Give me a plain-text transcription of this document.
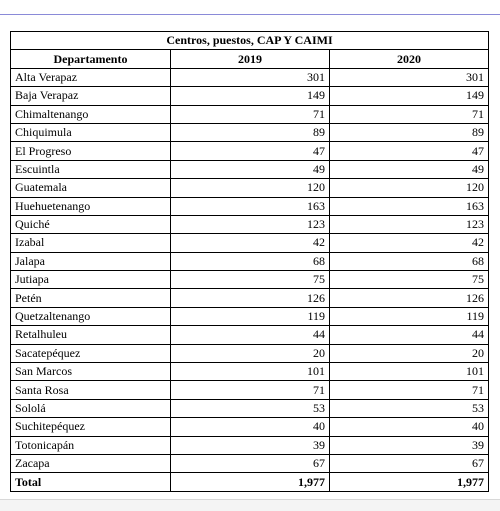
Centros, puestos, CAP Y CAIMI		
Departamento	2019	2020
Alta Verapaz	301	301
Baja Verapaz	149	149
Chimaltenango	71	71
Chiquimula	89	89
El Progreso	47	47
Escuintla	49	49
Guatemala	120	120
Huehuetenango	163	163
Quiché	123	123
Izabal	42	42
Jalapa	68	68
Jutiapa	75	75
Petén	126	126
Quetzaltenango	119	119
Retalhuleu	44	44
Sacatepéquez	20	20
San Marcos	101	101
Santa Rosa	71	71
Sololá	53	53
Suchitepéquez	40	40
Totonicapán	39	39
Zacapa	67	67
Total	1,977	1,977
